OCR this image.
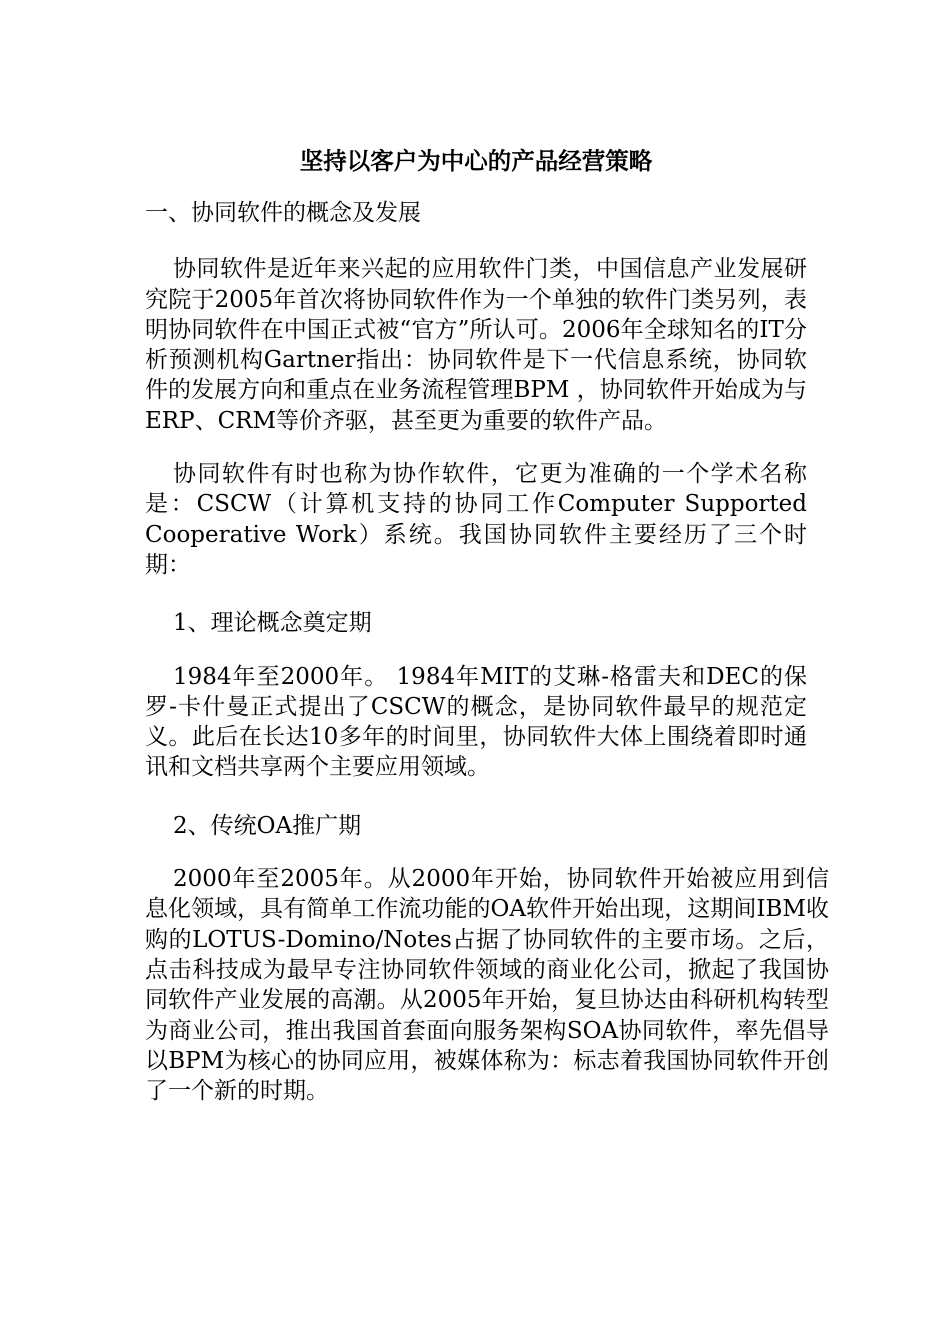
坚持以客户为中心的产品经营策略
一、协同软件的概念及发展
协同软件是近年来兴起的应用软件门类，中国信息产业发展研究院于2005年首次将协同软件作为一个单独的软件门类另列，表明协同软件在中国正式被“官方”所认可。2006年全球知名的IT分析预测机构Gartner指出：协同软件是下一代信息系统，协同软件的发展方向和重点在业务流程管理BPM ，协同软件开始成为与ERP、CRM等价齐驱，甚至更为重要的软件产品。
协同软件有时也称为协作软件，它更为准确的一个学术名称是：CSCW（计算机支持的协同工作Computer Supported Cooperative Work）系统。我国协同软件主要经历了三个时期：
1、理论概念奠定期
1984年至2000年。 1984年MIT的艾琳-格雷夫和DEC的保罗-卡什曼正式提出了CSCW的概念，是协同软件最早的规范定义。此后在长达10多年的时间里，协同软件大体上围绕着即时通讯和文档共享两个主要应用领域。
2、传统OA推广期
2000年至2005年。从2000年开始，协同软件开始被应用到信息化领域，具有简单工作流功能的OA软件开始出现，这期间IBM收购的LOTUS-Domino/Notes占据了协同软件的主要市场。之后，点击科技成为最早专注协同软件领域的商业化公司，掀起了我国协同软件产业发展的高潮。从2005年开始，复旦协达由科研机构转型为商业公司，推出我国首套面向服务架构SOA协同软件，率先倡导以BPM为核心的协同应用，被媒体称为：标志着我国协同软件开创了一个新的时期。
